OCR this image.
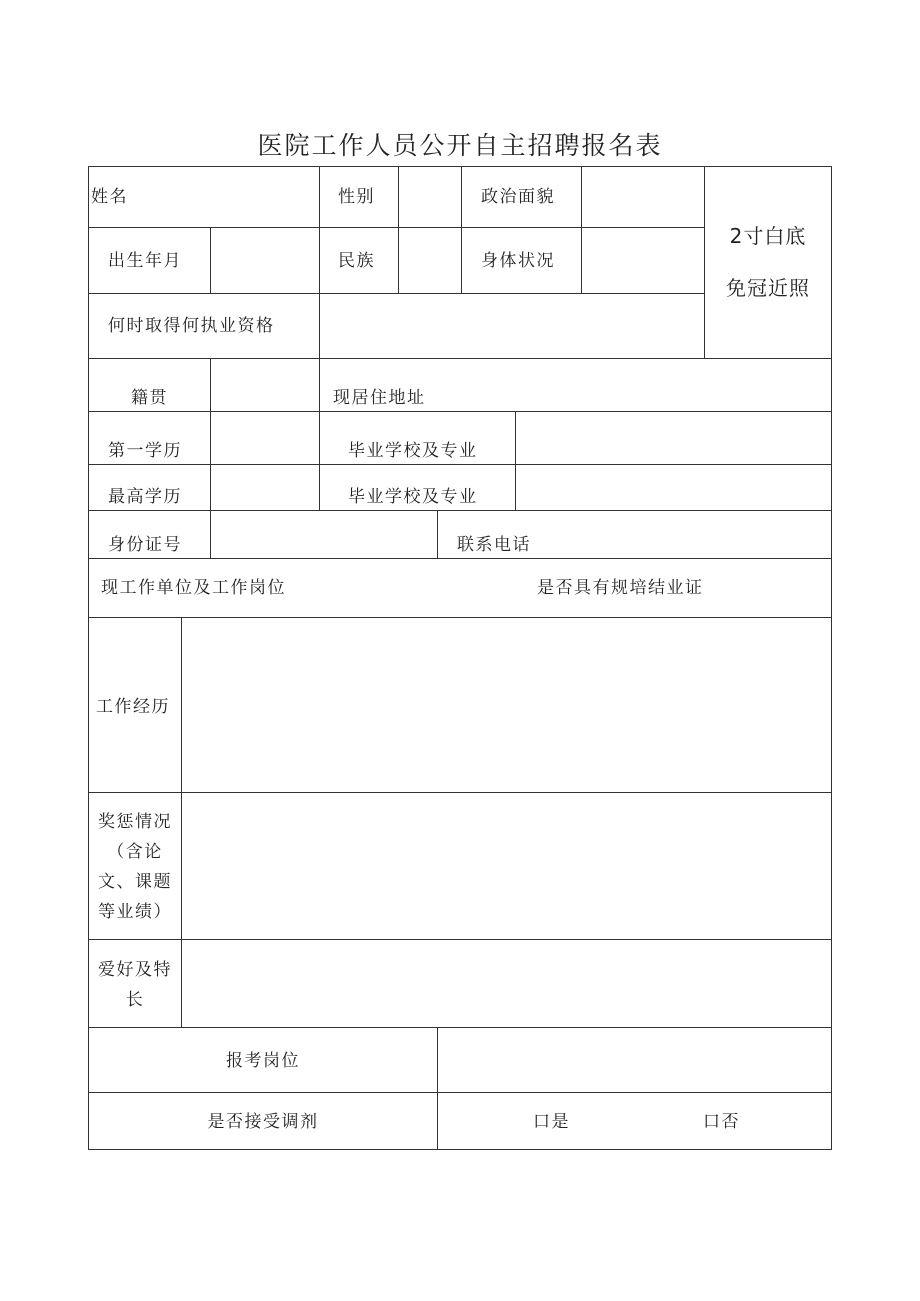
医院工作人员公开自主招聘报名表
姓名	性别	政治面貌
2寸白底
免冠近照
出生年月	民族	身体状况
何时取得何执业资格
籍贯	现居住地址
第一学历	毕业学校及专业
最高学历	毕业学校及专业
身份证号	联系电话
现工作单位及工作岗位	是否具有规培结业证
工作经历
奖惩情况
（含论
文、课题
等业绩）
爱好及特
长
报考岗位
是否接受调剂	口是	口否
